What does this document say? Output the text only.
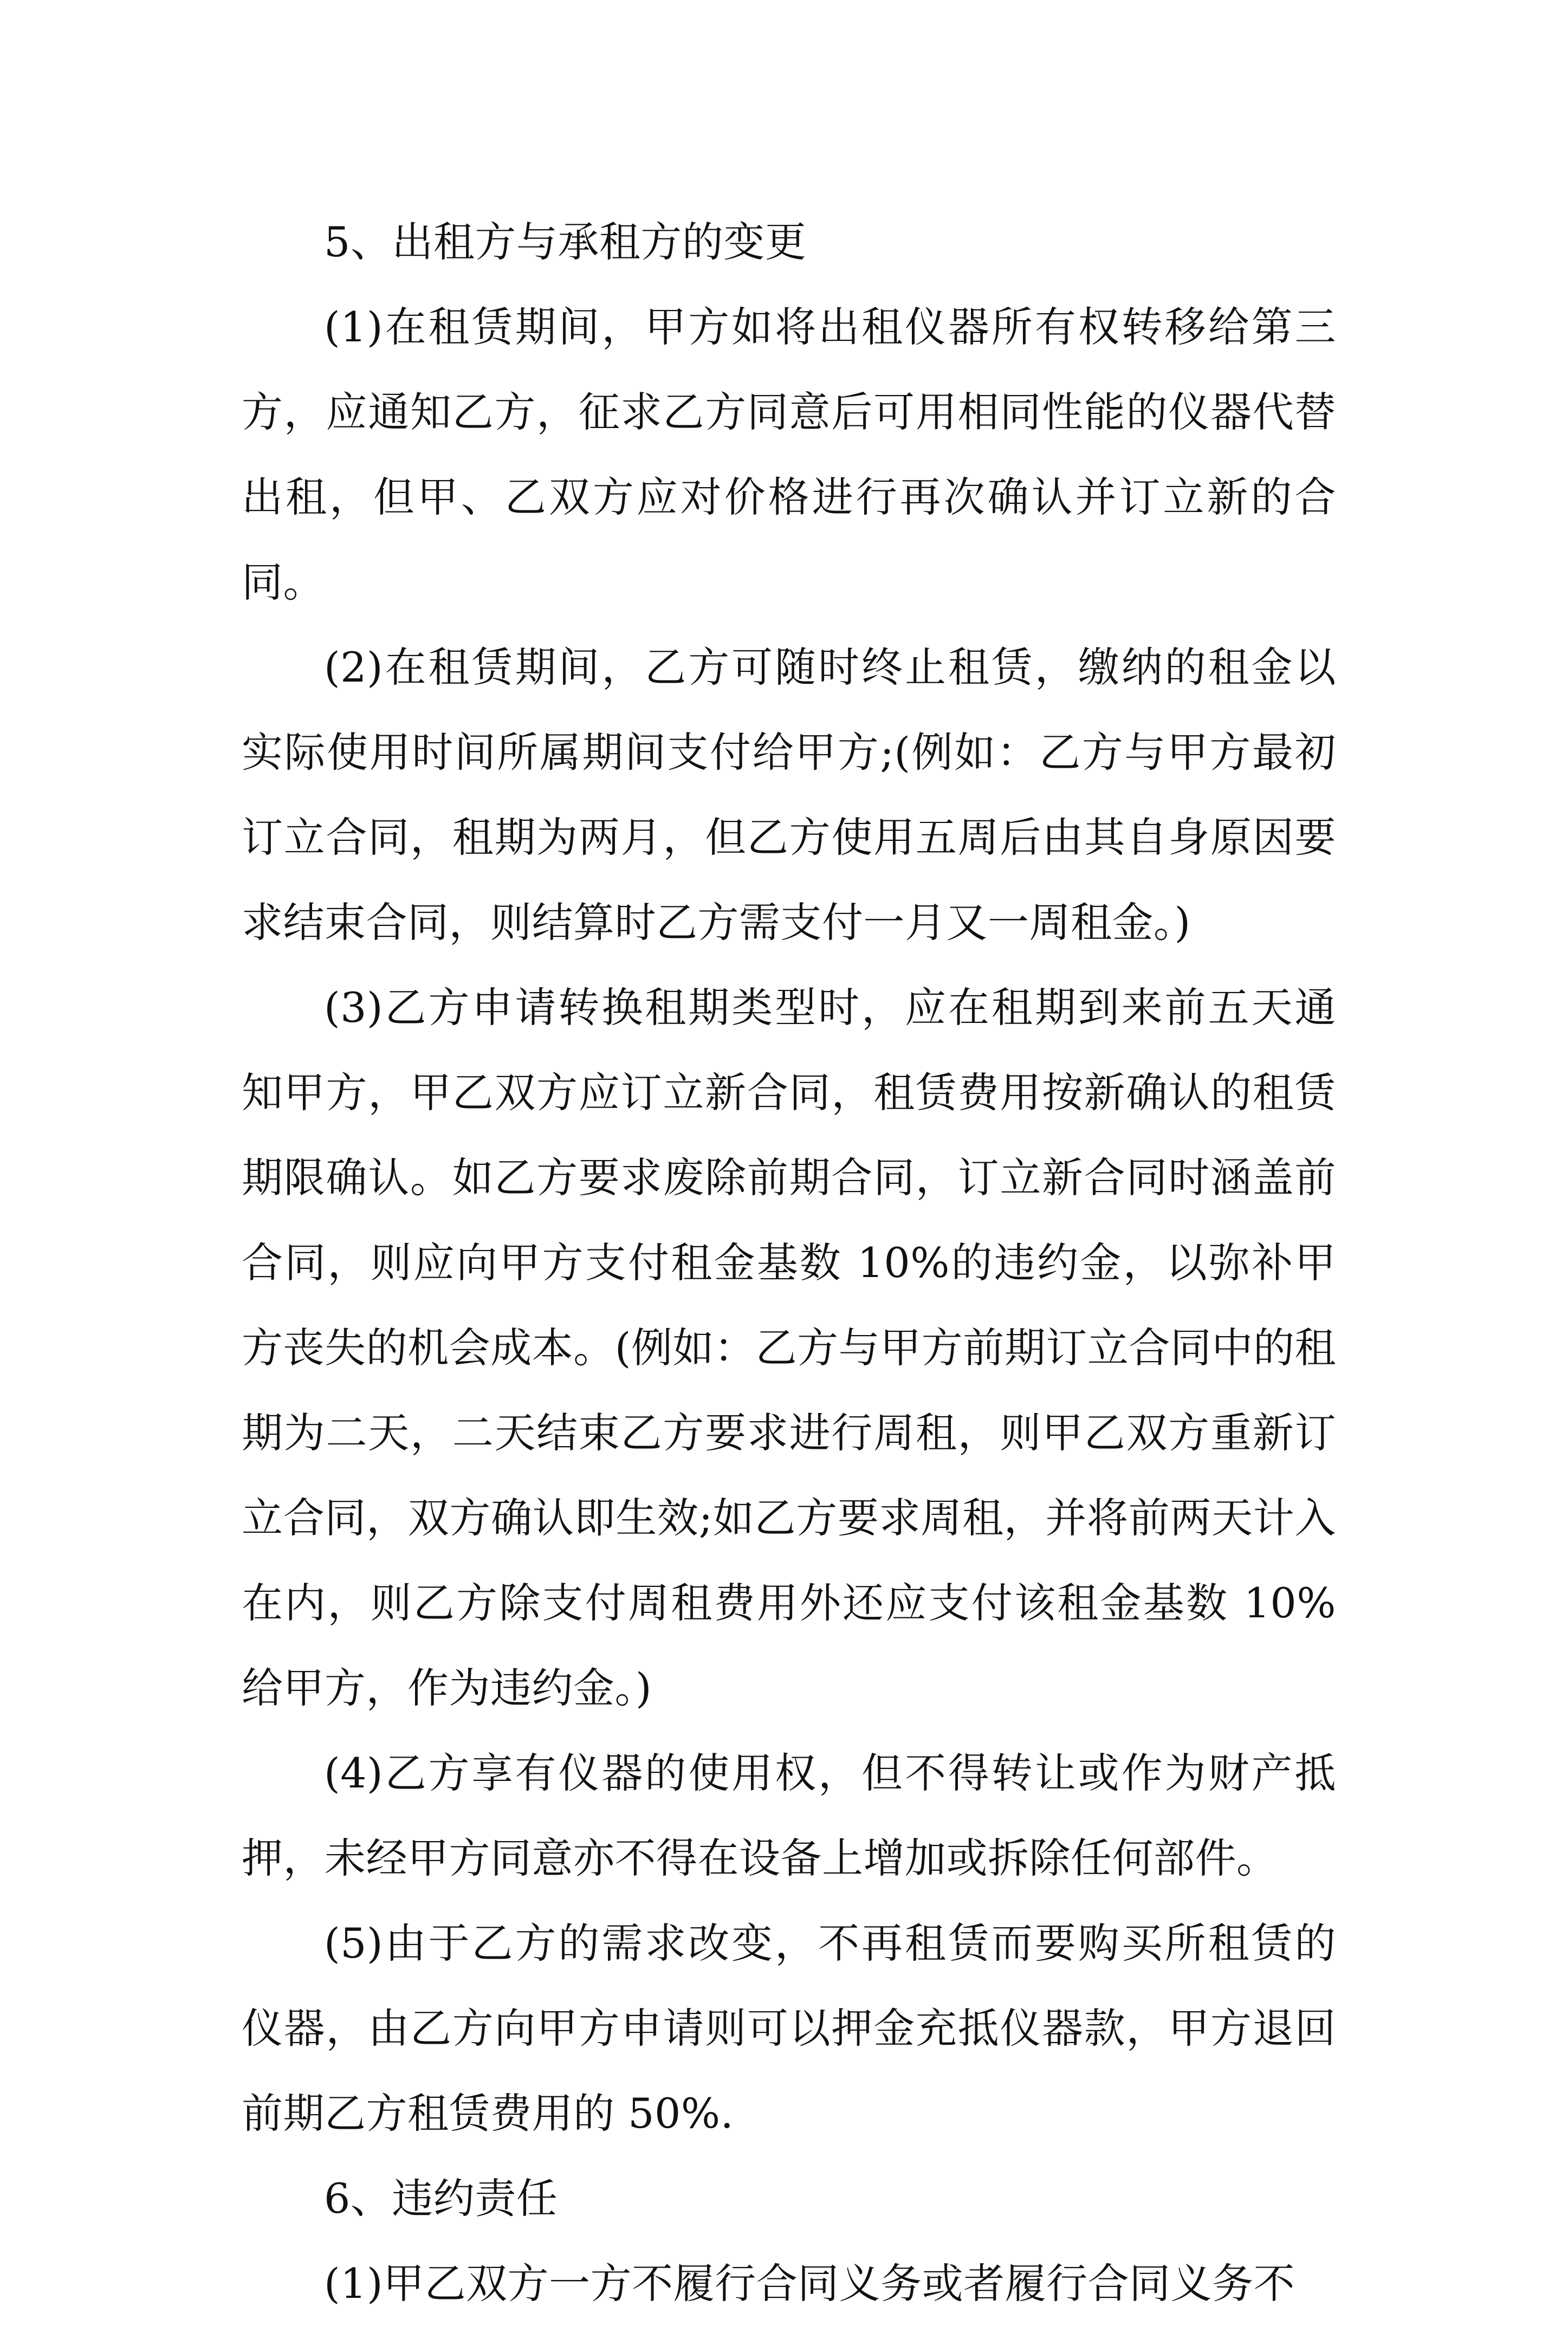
5、出租方与承租方的变更

(1)在租赁期间，甲方如将出租仪器所有权转移给第三方，应通知乙方，征求乙方同意后可用相同性能的仪器代替出租，但甲、乙双方应对价格进行再次确认并订立新的合同。

(2)在租赁期间，乙方可随时终止租赁，缴纳的租金以实际使用时间所属期间支付给甲方;(例如：乙方与甲方最初订立合同，租期为两月，但乙方使用五周后由其自身原因要求结束合同，则结算时乙方需支付一月又一周租金。)

(3)乙方申请转换租期类型时，应在租期到来前五天通知甲方，甲乙双方应订立新合同，租赁费用按新确认的租赁期限确认。如乙方要求废除前期合同，订立新合同时涵盖前合同，则应向甲方支付租金基数 10%的违约金，以弥补甲方丧失的机会成本。(例如：乙方与甲方前期订立合同中的租期为二天，二天结束乙方要求进行周租，则甲乙双方重新订立合同，双方确认即生效;如乙方要求周租，并将前两天计入在内，则乙方除支付周租费用外还应支付该租金基数 10%给甲方，作为违约金。)

(4)乙方享有仪器的使用权，但不得转让或作为财产抵押，未经甲方同意亦不得在设备上增加或拆除任何部件。

(5)由于乙方的需求改变，不再租赁而要购买所租赁的仪器，由乙方向甲方申请则可以押金充抵仪器款，甲方退回前期乙方租赁费用的 50%.

6、违约责任

(1)甲乙双方一方不履行合同义务或者履行合同义务不
